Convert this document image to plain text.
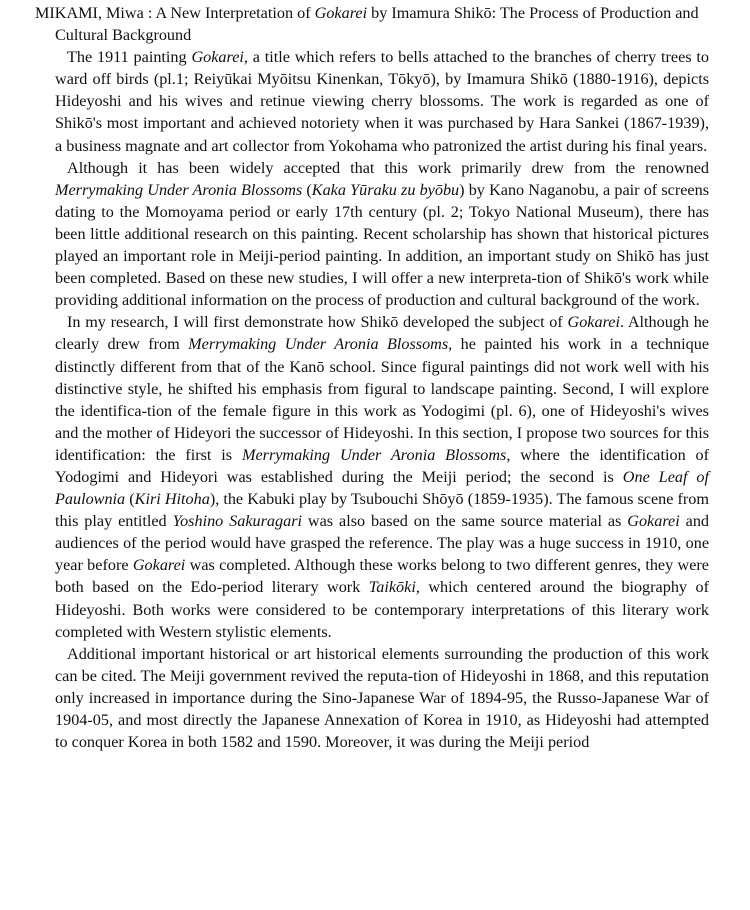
MIKAMI, Miwa : A New Interpretation of Gokarei by Imamura Shikō: The Process of Production and Cultural Background

The 1911 painting Gokarei, a title which refers to bells attached to the branches of cherry trees to ward off birds (pl.1; Reiyūkai Myōitsu Kinenkan, Tōkyō), by Imamura Shikō (1880-1916), depicts Hideyoshi and his wives and retinue viewing cherry blossoms. The work is regarded as one of Shikō's most important and achieved notoriety when it was purchased by Hara Sankei (1867-1939), a business magnate and art collector from Yokohama who patronized the artist during his final years.

Although it has been widely accepted that this work primarily drew from the renowned Merrymaking Under Aronia Blossoms (Kaka Yūraku zu byōbu) by Kano Naganobu, a pair of screens dating to the Momoyama period or early 17th century (pl. 2; Tokyo National Museum), there has been little additional research on this painting. Recent scholarship has shown that historical pictures played an important role in Meiji-period painting. In addition, an important study on Shikō has just been completed. Based on these new studies, I will offer a new interpreta-tion of Shikō's work while providing additional information on the process of production and cultural background of the work.

In my research, I will first demonstrate how Shikō developed the subject of Gokarei. Although he clearly drew from Merrymaking Under Aronia Blossoms, he painted his work in a technique distinctly different from that of the Kanō school. Since figural paintings did not work well with his distinctive style, he shifted his emphasis from figural to landscape painting. Second, I will explore the identifica-tion of the female figure in this work as Yodogimi (pl. 6), one of Hideyoshi's wives and the mother of Hideyori the successor of Hideyoshi. In this section, I propose two sources for this identification: the first is Merrymaking Under Aronia Blossoms, where the identification of Yodogimi and Hideyori was established during the Meiji period; the second is One Leaf of Paulownia (Kiri Hitoha), the Kabuki play by Tsubouchi Shōyō (1859-1935). The famous scene from this play entitled Yoshino Sakuragari was also based on the same source material as Gokarei and audiences of the period would have grasped the reference. The play was a huge success in 1910, one year before Gokarei was completed. Although these works belong to two different genres, they were both based on the Edo-period literary work Taikōki, which centered around the biography of Hideyoshi. Both works were considered to be contemporary interpretations of this literary work completed with Western stylistic elements.

Additional important historical or art historical elements surrounding the production of this work can be cited. The Meiji government revived the reputa-tion of Hideyoshi in 1868, and this reputation only increased in importance during the Sino-Japanese War of 1894-95, the Russo-Japanese War of 1904-05, and most directly the Japanese Annexation of Korea in 1910, as Hideyoshi had attempted to conquer Korea in both 1582 and 1590. Moreover, it was during the Meiji period
